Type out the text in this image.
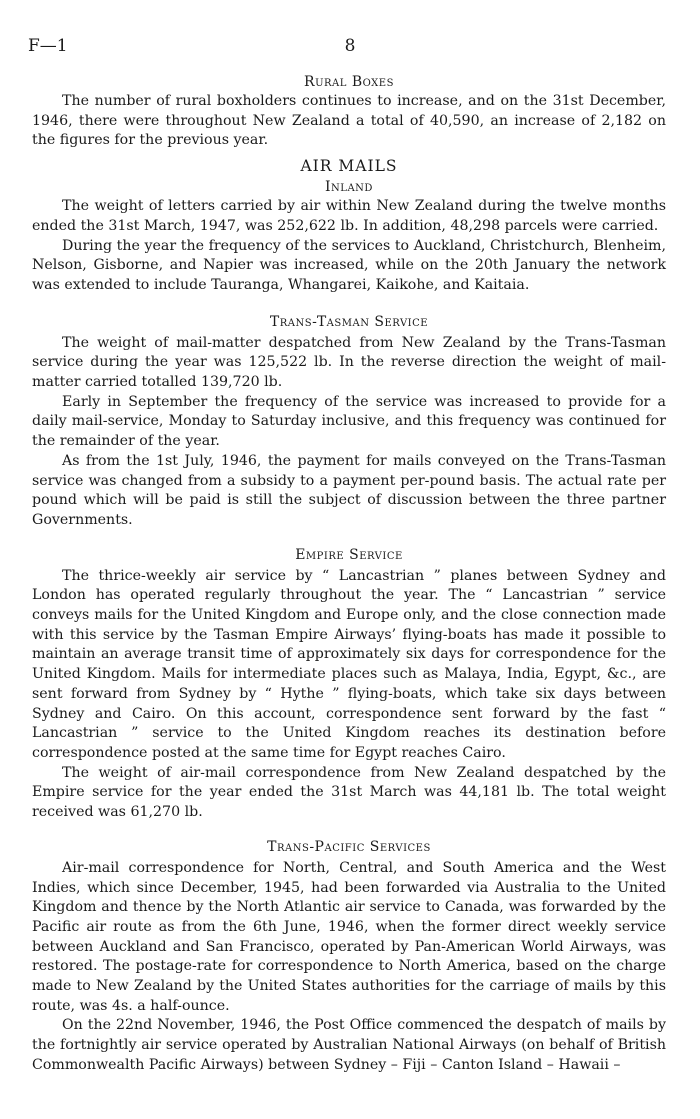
F—1	8
Rural Boxes

The number of rural boxholders continues to increase, and on the 31st December, 1946, there were throughout New Zealand a total of 40,590, an increase of 2,182 on the figures for the previous year.

AIR MAILS
Inland

The weight of letters carried by air within New Zealand during the twelve months ended the 31st March, 1947, was 252,622 lb. In addition, 48,298 parcels were carried.

During the year the frequency of the services to Auckland, Christchurch, Blenheim, Nelson, Gisborne, and Napier was increased, while on the 20th January the network was extended to include Tauranga, Whangarei, Kaikohe, and Kaitaia.

Trans-Tasman Service

The weight of mail-matter despatched from New Zealand by the Trans-Tasman service during the year was 125,522 lb. In the reverse direction the weight of mail-matter carried totalled 139,720 lb.

Early in September the frequency of the service was increased to provide for a daily mail-service, Monday to Saturday inclusive, and this frequency was continued for the remainder of the year.

As from the 1st July, 1946, the payment for mails conveyed on the Trans-Tasman service was changed from a subsidy to a payment per-pound basis. The actual rate per pound which will be paid is still the subject of discussion between the three partner Governments.

Empire Service

The thrice-weekly air service by “ Lancastrian ” planes between Sydney and London has operated regularly throughout the year. The “ Lancastrian ” service conveys mails for the United Kingdom and Europe only, and the close connection made with this service by the Tasman Empire Airways’ flying-boats has made it possible to maintain an average transit time of approximately six days for correspondence for the United Kingdom. Mails for intermediate places such as Malaya, India, Egypt, &c., are sent forward from Sydney by “ Hythe ” flying-boats, which take six days between Sydney and Cairo. On this account, correspondence sent forward by the fast “ Lancastrian ” service to the United Kingdom reaches its destination before correspondence posted at the same time for Egypt reaches Cairo.

The weight of air-mail correspondence from New Zealand despatched by the Empire service for the year ended the 31st March was 44,181 lb. The total weight received was 61,270 lb.

Trans-Pacific Services

Air-mail correspondence for North, Central, and South America and the West Indies, which since December, 1945, had been forwarded via Australia to the United Kingdom and thence by the North Atlantic air service to Canada, was forwarded by the Pacific air route as from the 6th June, 1946, when the former direct weekly service between Auckland and San Francisco, operated by Pan-American World Airways, was restored. The postage-rate for correspondence to North America, based on the charge made to New Zealand by the United States authorities for the carriage of mails by this route, was 4s. a half-ounce.

On the 22nd November, 1946, the Post Office commenced the despatch of mails by the fortnightly air service operated by Australian National Airways (on behalf of British Commonwealth Pacific Airways) between Sydney – Fiji – Canton Island – Hawaii –
